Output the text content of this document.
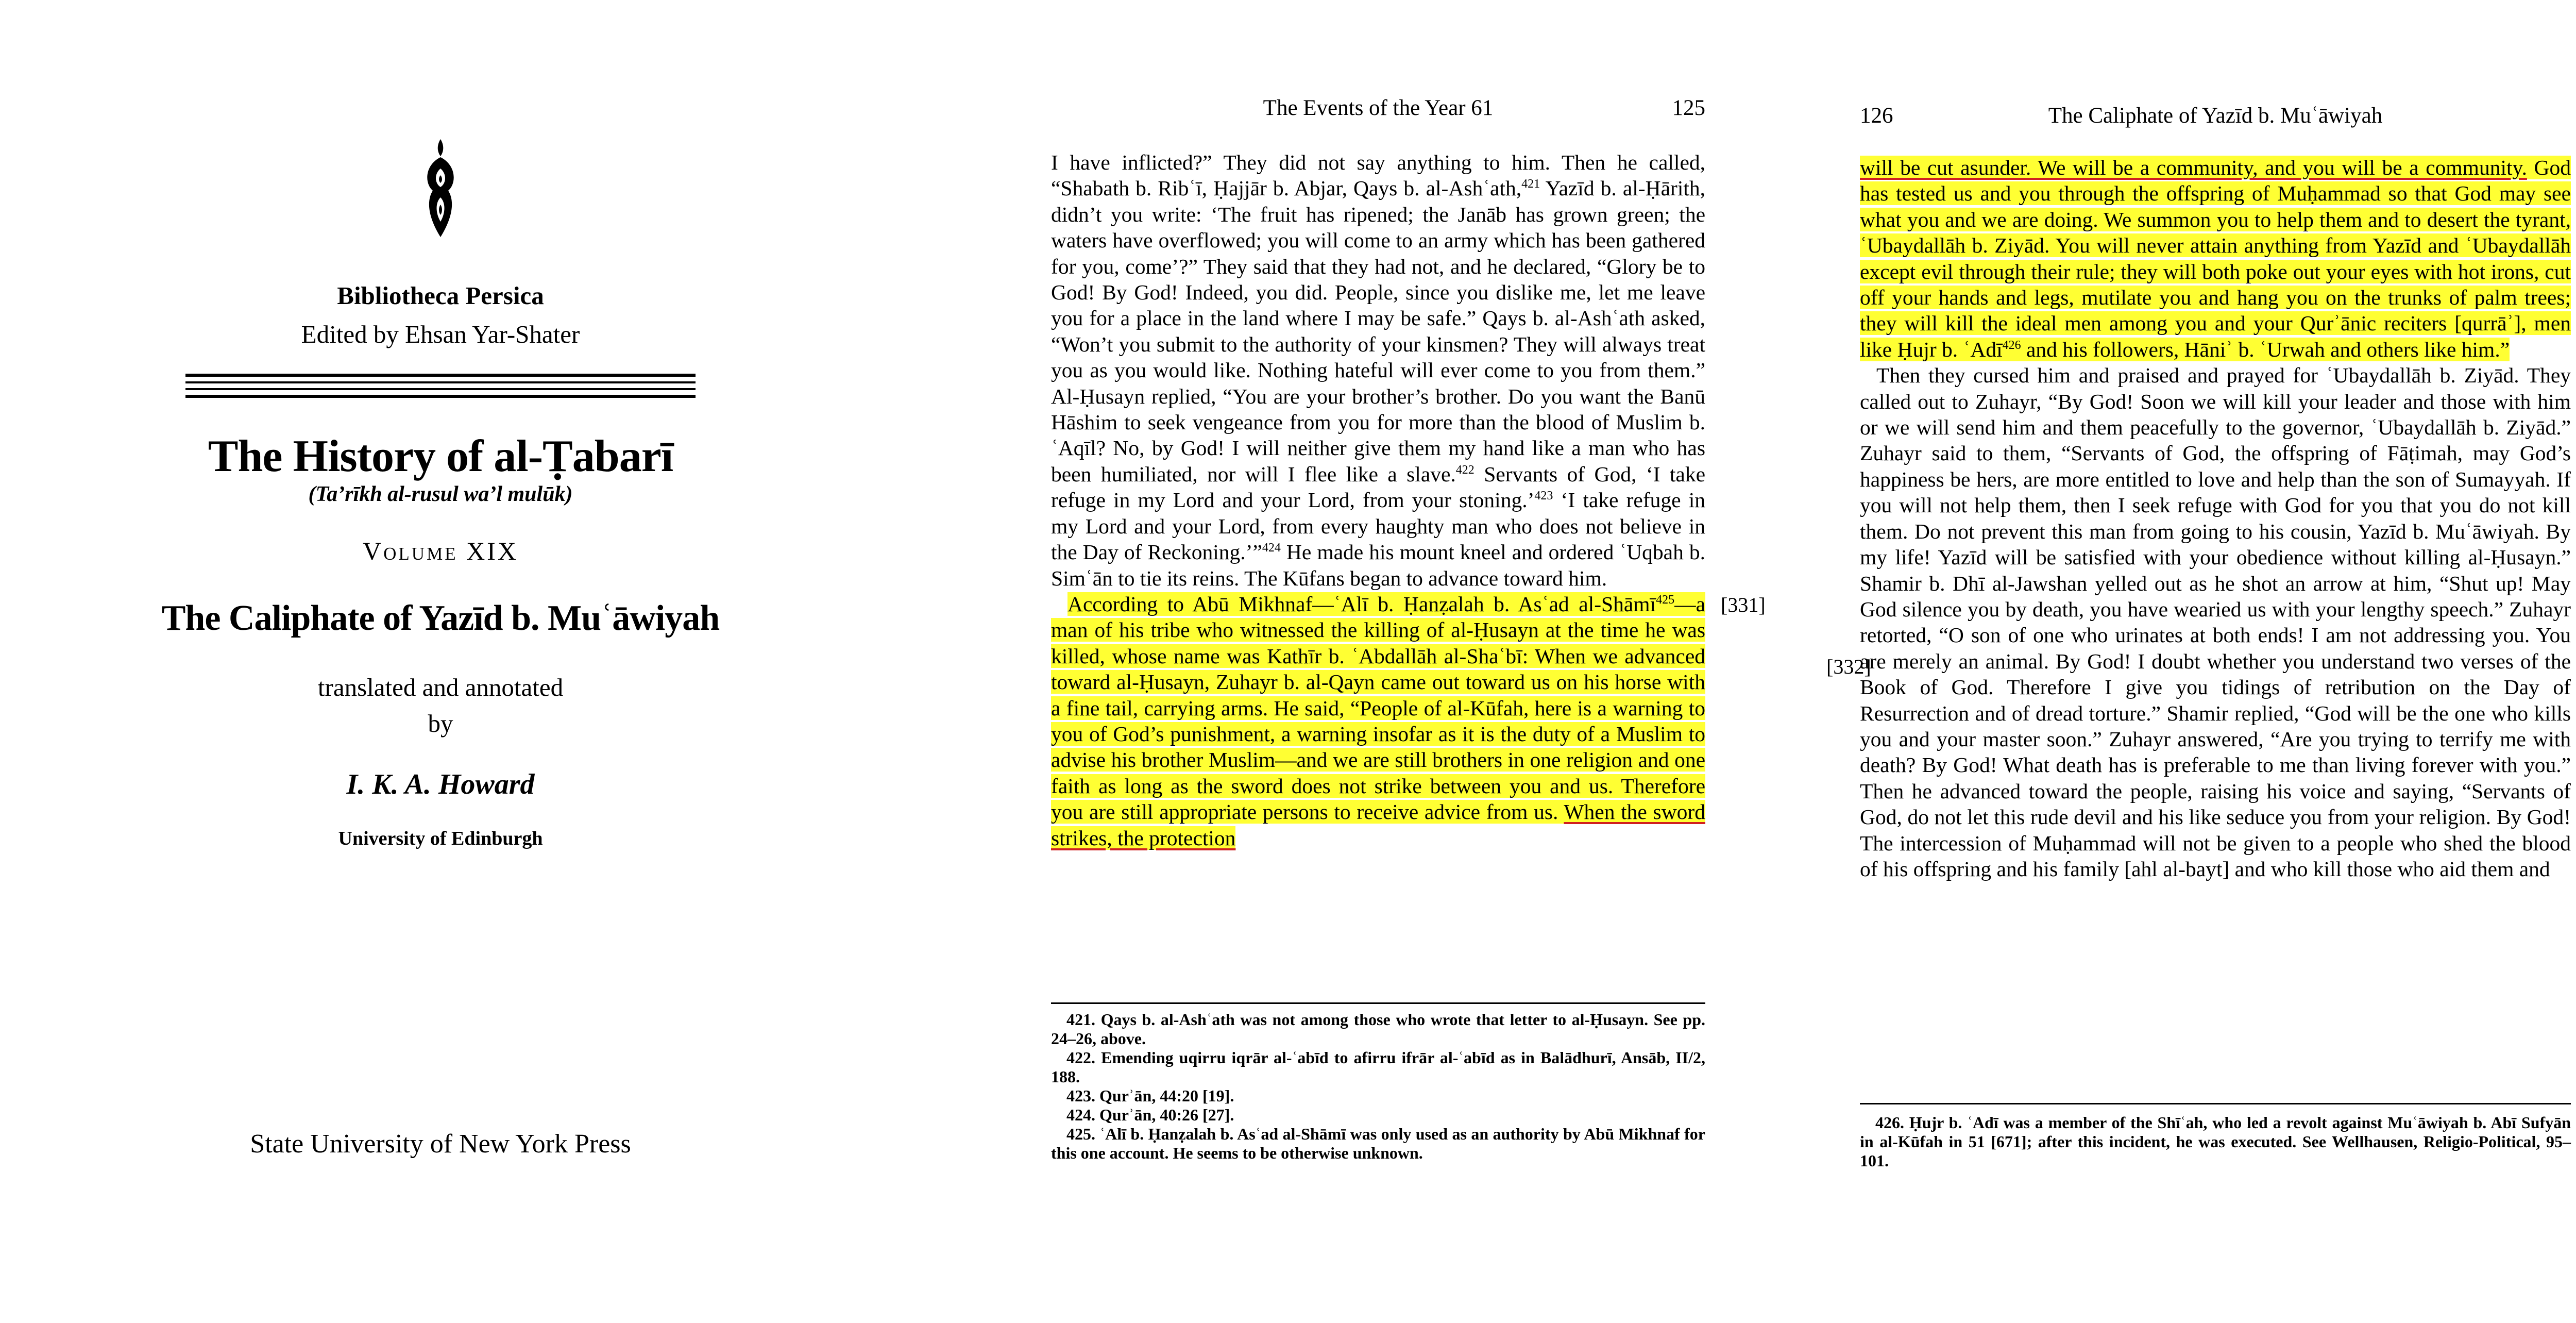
Bibliotheca Persica
Edited by Ehsan Yar-Shater
The History of al-Ṭabarī
(Ta’rīkh al-rusul wa’l mulūk)
Volume XIX
The Caliphate of Yazīd b. Muʿāwiyah
translated and annotated
by
I. K. A. Howard
University of Edinburgh
State University of New York Press
The Events of the Year 61	125

I have inflicted?” They did not say anything to him. Then he called, “Shabath b. Ribʿī, Ḥajjār b. Abjar, Qays b. al-Ashʿath,$^{421}$ Yazīd b. al-Ḥārith, didn’t you write: ‘The fruit has ripened; the Janāb has grown green; the waters have overflowed; you will come to an army which has been gathered for you, come’?” They said that they had not, and he declared, “Glory be to God! By God! Indeed, you did. People, since you dislike me, let me leave you for a place in the land where I may be safe.” Qays b. al-Ashʿath asked, “Won’t you submit to the authority of your kinsmen? They will always treat you as you would like. Nothing hateful will ever come to you from them.” Al-Ḥusayn replied, “You are your brother’s brother. Do you want the Banū Hāshim to seek vengeance from you for more than the blood of Muslim b. ʿAqīl? No, by God! I will neither give them my hand like a man who has been humiliated, nor will I flee like a slave.$^{422}$ Servants of God, ‘I take refuge in my Lord and your Lord, from your stoning.’$^{423}$ ‘I take refuge in my Lord and your Lord, from every haughty man who does not believe in the Day of Reckoning.’”$^{424}$ He made his mount kneel and ordered ʿUqbah b. Simʿān to tie its reins. The Kūfans began to advance toward him.

According to Abū Mikhnaf—ʿAlī b. Ḥanẓalah b. Asʿad al-Shāmī$^{425}$—a man of his tribe who witnessed the killing of al-Ḥusayn at the time he was killed, whose name was Kathīr b. ʿAbdallāh al-Shaʿbī: When we advanced toward al-Ḥusayn, Zuhayr b. al-Qayn came out toward us on his horse with a fine tail, carrying arms. He said, “People of al-Kūfah, here is a warning to you of God’s punishment, a warning insofar as it is the duty of a Muslim to advise his brother Muslim—and we are still brothers in one religion and one faith as long as the sword does not strike between you and us. Therefore you are still appropriate persons to receive advice from us. When the sword strikes, the protection

421. Qays b. al-Ashʿath was not among those who wrote that letter to al-Ḥusayn. See pp. 24–26, above.

422. Emending uqirru iqrār al-ʿabīd to afirru ifrār al-ʿabīd as in Balādhurī, Ansāb, II/2, 188.

423. Qurʾān, 44:20 [19].

424. Qurʾān, 40:26 [27].

425. ʿAlī b. Ḥanẓalah b. Asʿad al-Shāmī was only used as an authority by Abū Mikhnaf for this one account. He seems to be otherwise unknown.

[331]
126	The Caliphate of Yazīd b. Muʿāwiyah

will be cut asunder. We will be a community, and you will be a community. God has tested us and you through the offspring of Muḥammad so that God may see what you and we are doing. We summon you to help them and to desert the tyrant, ʿUbaydallāh b. Ziyād. You will never attain anything from Yazīd and ʿUbaydallāh except evil through their rule; they will both poke out your eyes with hot irons, cut off your hands and legs, mutilate you and hang you on the trunks of palm trees; they will kill the ideal men among you and your Qurʾānic reciters [qurrāʾ], men like Ḥujr b. ʿAdī$^{426}$ and his followers, Hāniʾ b. ʿUrwah and others like him.”

Then they cursed him and praised and prayed for ʿUbaydallāh b. Ziyād. They called out to Zuhayr, “By God! Soon we will kill your leader and those with him or we will send him and them peacefully to the governor, ʿUbaydallāh b. Ziyād.” Zuhayr said to them, “Servants of God, the offspring of Fāṭimah, may God’s happiness be hers, are more entitled to love and help than the son of Sumayyah. If you will not help them, then I seek refuge with God for you that you do not kill them. Do not prevent this man from going to his cousin, Yazīd b. Muʿāwiyah. By my life! Yazīd will be satisfied with your obedience without killing al-Ḥusayn.” Shamir b. Dhī al-Jawshan yelled out as he shot an arrow at him, “Shut up! May God silence you by death, you have wearied us with your lengthy speech.” Zuhayr retorted, “O son of one who urinates at both ends! I am not addressing you. You are merely an animal. By God! I doubt whether you understand two verses of the Book of God. Therefore I give you tidings of retribution on the Day of Resurrection and of dread torture.” Shamir replied, “God will be the one who kills you and your master soon.” Zuhayr answered, “Are you trying to terrify me with death? By God! What death has is preferable to me than living forever with you.” Then he advanced toward the people, raising his voice and saying, “Servants of God, do not let this rude devil and his like seduce you from your religion. By God! The intercession of Muḥammad will not be given to a people who shed the blood of his offspring and his family [ahl al-bayt] and who kill those who aid them and

426. Ḥujr b. ʿAdī was a member of the Shīʿah, who led a revolt against Muʿāwiyah b. Abī Sufyān in al-Kūfah in 51 [671]; after this incident, he was executed. See Wellhausen, Religio-Political, 95–101.

[332]
